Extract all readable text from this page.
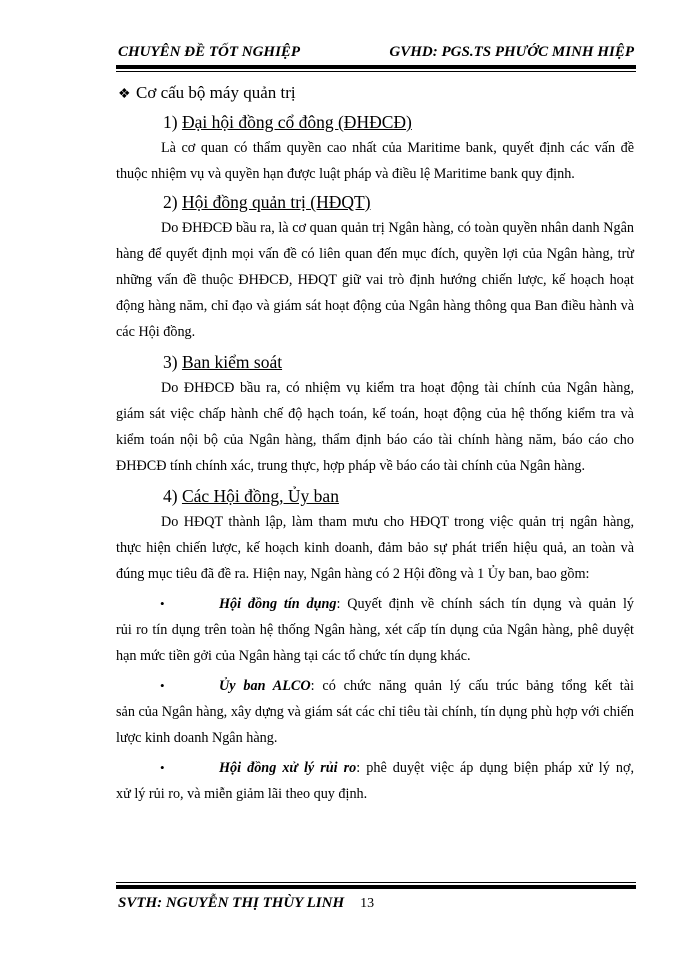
CHUYÊN ĐỀ TỐT NGHIỆP	GVHD: PGS.TS PHƯỚC MINH HIỆP
❖ Cơ cấu bộ máy quản trị
1) Đại hội đồng cổ đông (ĐHĐCĐ)

Là cơ quan có thẩm quyền cao nhất của Maritime bank, quyết định các vấn đề thuộc nhiệm vụ và quyền hạn được luật pháp và điều lệ Maritime bank quy định.

2) Hội đồng quản trị (HĐQT)

Do ĐHĐCĐ bầu ra, là cơ quan quản trị Ngân hàng, có toàn quyền nhân danh Ngân hàng để quyết định mọi vấn đề có liên quan đến mục đích, quyền lợi của Ngân hàng, trừ những vấn đề thuộc ĐHĐCĐ, HĐQT giữ vai trò định hướng chiến lược, kế hoạch hoạt động hàng năm, chỉ đạo và giám sát hoạt động của Ngân hàng thông qua Ban điều hành và các Hội đồng.

3) Ban kiểm soát

Do ĐHĐCĐ bầu ra, có nhiệm vụ kiểm tra hoạt động tài chính của Ngân hàng, giám sát việc chấp hành chế độ hạch toán, kế toán, hoạt động của hệ thống kiểm tra và kiểm toán nội bộ của Ngân hàng, thẩm định báo cáo tài chính hàng năm, báo cáo cho ĐHĐCĐ tính chính xác, trung thực, hợp pháp về báo cáo tài chính của Ngân hàng.

4) Các Hội đồng, Ủy ban

Do HĐQT thành lập, làm tham mưu cho HĐQT trong việc quản trị ngân hàng, thực hiện chiến lược, kế hoạch kinh doanh, đảm bảo sự phát triển hiệu quả, an toàn và đúng mục tiêu đã đề ra. Hiện nay, Ngân hàng có 2 Hội đồng và 1 Ủy ban, bao gồm:

•	Hội đồng tín dụng: Quyết định về chính sách tín dụng và quản lý

rủi ro tín dụng trên toàn hệ thống Ngân hàng, xét cấp tín dụng của Ngân hàng, phê duyệt hạn mức tiền gởi của Ngân hàng tại các tổ chức tín dụng khác.

•	Ủy ban ALCO: có chức năng quản lý cấu trúc bảng tổng kết tài

sản của Ngân hàng, xây dựng và giám sát các chỉ tiêu tài chính, tín dụng phù hợp với chiến lược kinh doanh Ngân hàng.

•	Hội đồng xử lý rủi ro: phê duyệt việc áp dụng biện pháp xử lý nợ,

xử lý rủi ro, và miễn giảm lãi theo quy định.

SVTH: NGUYỄN THỊ THÙY LINH 13
